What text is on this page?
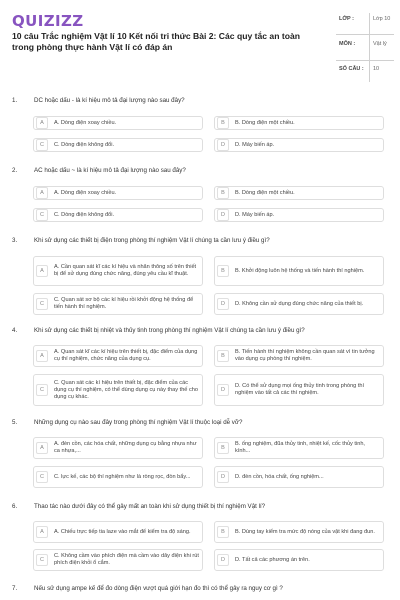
QUIZIZZ
10 câu Trắc nghiệm Vật lí 10 Kết nối tri thức Bài 2: Các quy tắc an toàn trong phòng thực hành Vật lí có đáp án
LỚP :	Lớp 10
MÔN :	Vật lý
SỐ CÂU : 10
1.	DC hoặc dấu - là kí hiệu mô tả đại lượng nào sau đây?
A	A. Dòng điện xoay chiều.	B	B. Dòng điện một chiều.
C	C. Dòng điện không đổi.	D	D. Máy biến áp.
2.	AC hoặc dấu ~ là kí hiệu mô tả đại lượng nào sau đây?
A	A. Dòng điện xoay chiều.	B	B. Dòng điện một chiều.
C	C. Dòng điện không đổi.	D	D. Máy biến áp.
3.	Khi sử dụng các thiết bị điện trong phòng thí nghiệm Vật lí chúng ta cần lưu ý điều gì?
A
A. Cần quan sát kĩ các kí hiệu và nhãn thông số trên thiết bị để sử dụng đúng chức năng, đúng yêu cầu kĩ thuật.	B	B. Khởi động luôn hệ thống và tiến hành thí nghiệm.
C
C. Quan sát sơ bộ các kí hiệu rồi khởi động hệ thống để tiến hành thí nghiệm.	D	D. Không cần sử dụng đúng chức năng của thiết bị.
4.	Khi sử dụng các thiết bị nhiệt và thủy tinh trong phòng thí nghiệm Vật lí chúng ta cần lưu ý điều gì?
A
A. Quan sát kĩ các kí hiệu trên thiết bị, đặc điểm của dụng cụ thí nghiệm, chức năng của dụng cụ.	B
B. Tiến hành thí nghiệm không cần quan sát vì tin tưởng vào dụng cụ phòng thí nghiệm.
C
C. Quan sát các kí hiệu trên thiết bị, đặc điểm của các dụng cụ thí nghiệm, có thể dùng dụng cụ này thay thế cho dụng cụ khác.
D
D. Có thể sử dụng mọi ống thủy tinh trong phòng thí nghiệm vào tất cả các thí nghiệm.
5.	Những dụng cụ nào sau đây trong phòng thí nghiệm Vật lí thuộc loại dễ vỡ?
A
A. đèn cồn, các hóa chất, những dụng cụ bằng nhựa như ca nhựa,...	B
B. ống nghiệm, đũa thủy tinh, nhiệt kế, cốc thủy tinh, kính...
C	C. lực kế, các bộ thí nghiệm như là ròng rọc, đòn bẩy...	D	D. đèn cồn, hóa chất, ống nghiệm...
6.	Thao tác nào dưới đây có thể gây mất an toàn khi sử dụng thiết bị thí nghiệm Vật lí?
A	A. Chiếu trực tiếp tia laze vào mắt để kiểm tra độ sáng.	B	B. Dùng tay kiểm tra mức độ nóng của vật khi đang đun.
C
C. Không cầm vào phích điện mà cầm vào dây điện khi rút phích điện khỏi ổ cắm.	D	D. Tất cả các phương án trên.
7.	Nếu sử dụng ampe kế để đo dòng điện vượt quá giới hạn đo thì có thể gây ra nguy cơ gì ?
